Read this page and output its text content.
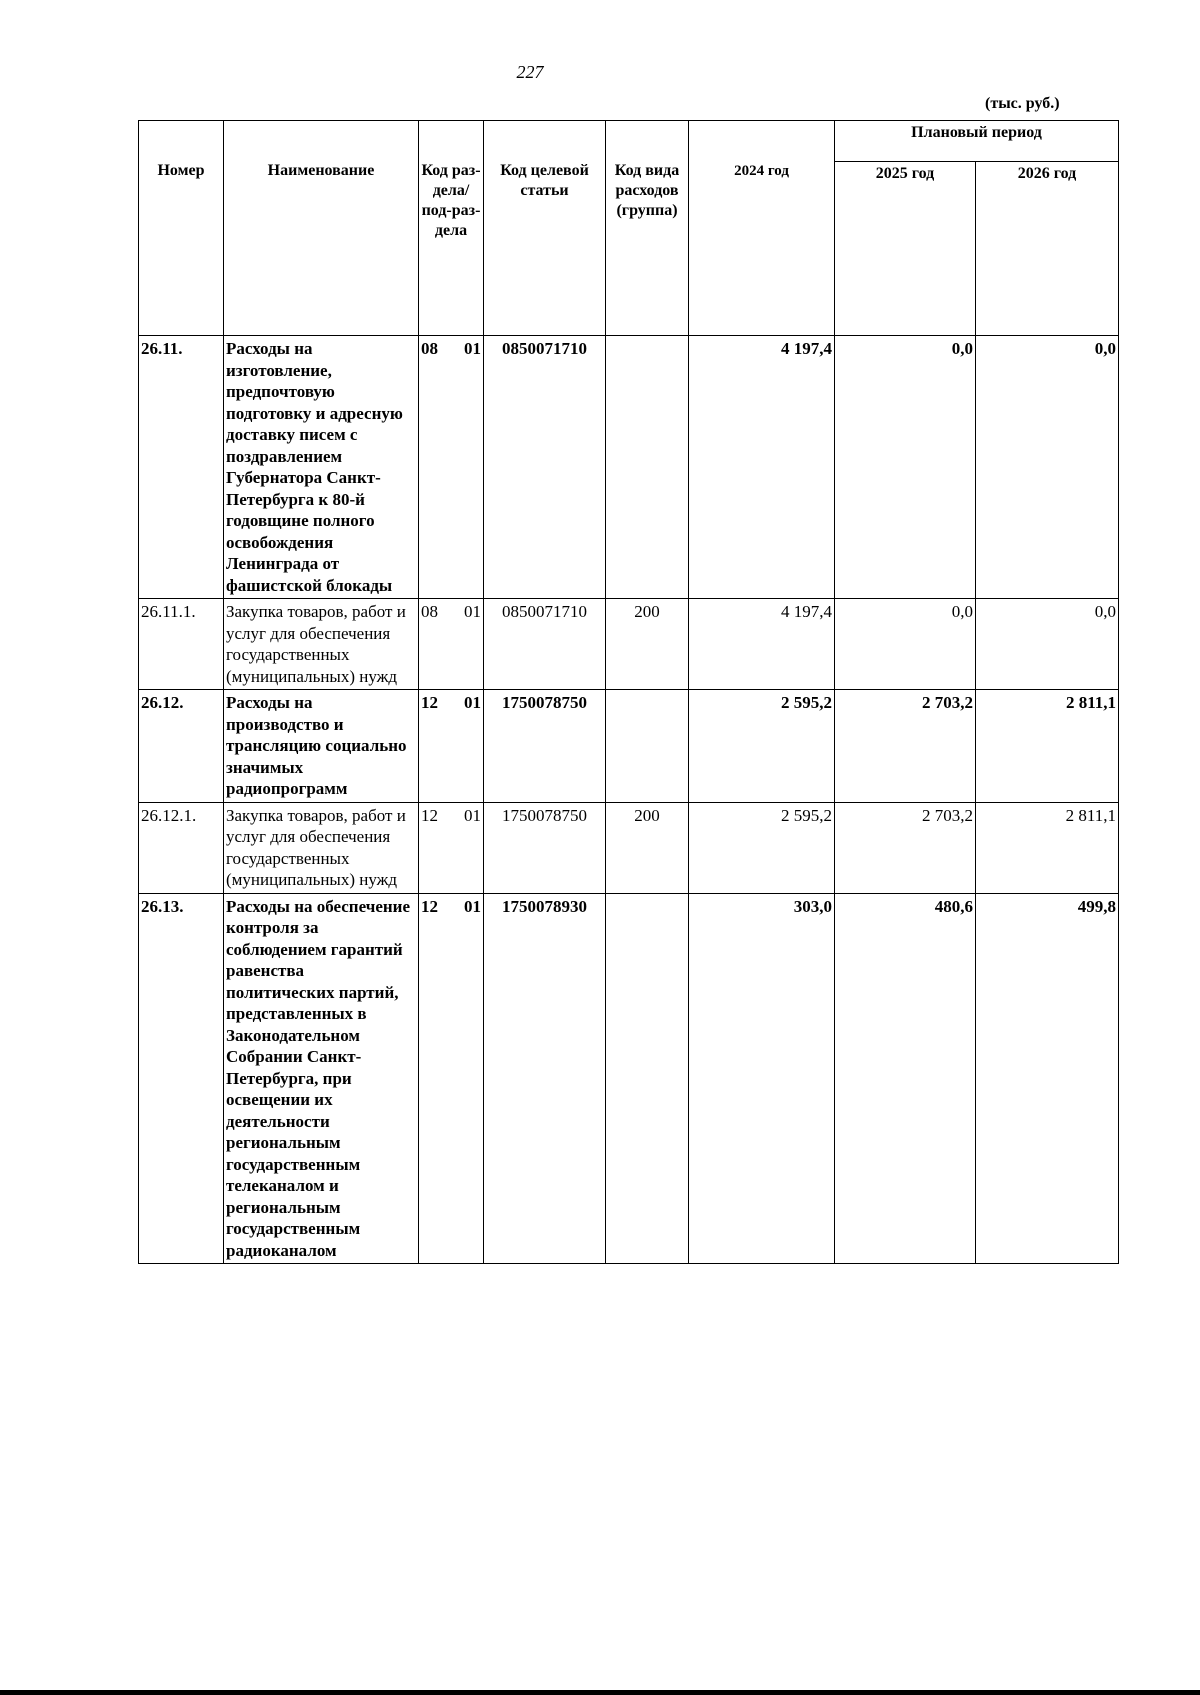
227
(тыс. руб.)
Номер	Наименование	Код раз-дела/ под-раз-дела	Код целевой статьи	Код вида расходов (группа)	2024 год	Плановый период	
						2025 год	2026 год
26.11.	Расходы на изготовление, предпочтовую подготовку и адресную доставку писем с поздравлением Губернатора Санкт-Петербурга к 80-й годовщине полного освобождения Ленинграда от фашистской блокады	08 01	0850071710		4 197,4	0,0	0,0
26.11.1.	Закупка товаров, работ и услуг для обеспечения государственных (муниципальных) нужд	08 01	0850071710	200	4 197,4	0,0	0,0
26.12.	Расходы на производство и трансляцию социально значимых радиопрограмм	12 01	1750078750		2 595,2	2 703,2	2 811,1
26.12.1.	Закупка товаров, работ и услуг для обеспечения государственных (муниципальных) нужд	12 01	1750078750	200	2 595,2	2 703,2	2 811,1
26.13.	Расходы на обеспечение контроля за соблюдением гарантий равенства политических партий, представленных в Законодательном Собрании Санкт-Петербурга, при освещении их деятельности региональным государственным телеканалом и региональным государственным радиоканалом	12 01	1750078930		303,0	480,6	499,8
